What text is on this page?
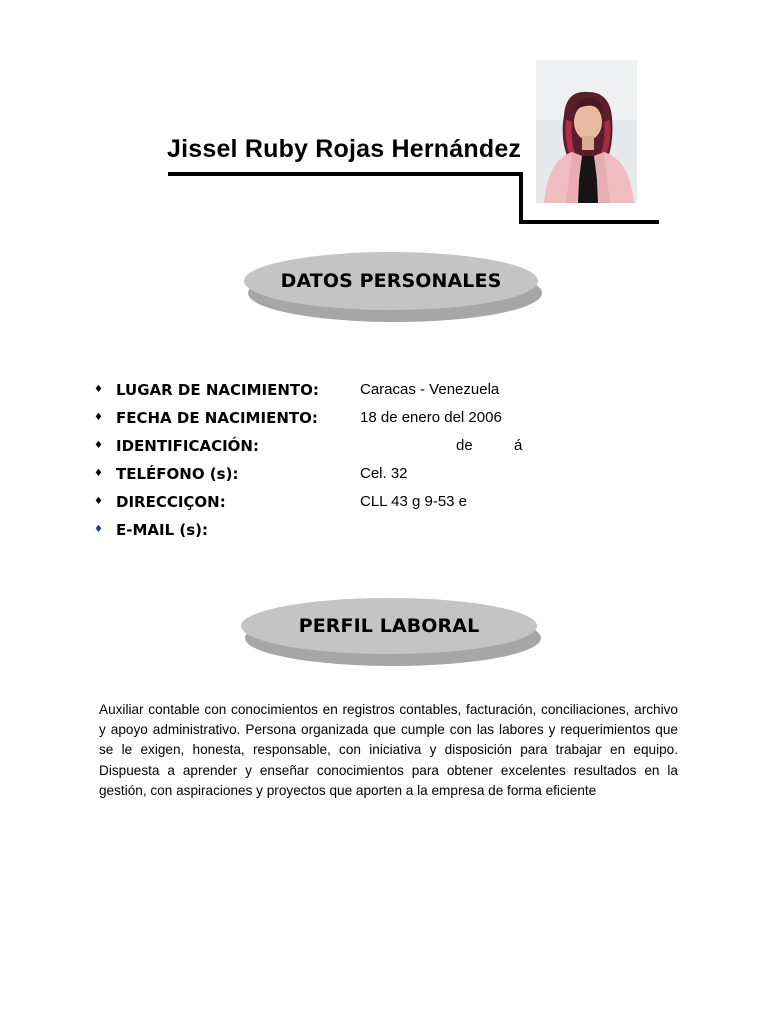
Jissel Ruby Rojas Hernández
DATOS PERSONALES
♦ LUGAR DE NACIMIENTO:	Caracas - Venezuela
♦ FECHA DE NACIMIENTO:	18 de enero del 2006
♦ IDENTIFICACIÓN:	de	á
♦ TELÉFONO (s):	Cel. 32
♦ DIRECCIÇON:	CLL 43 g 9-53 e
♦ E-MAIL (s):
PERFIL LABORAL
Auxiliar contable con conocimientos en registros contables, facturación, conciliaciones, archivo y apoyo administrativo. Persona organizada que cumple con las labores y requerimientos que se le exigen, honesta, responsable, con iniciativa y disposición para trabajar en equipo. Dispuesta a aprender y enseñar conocimientos para obtener excelentes resultados en la gestión, con aspiraciones y proyectos que aporten a la empresa de forma eficiente
